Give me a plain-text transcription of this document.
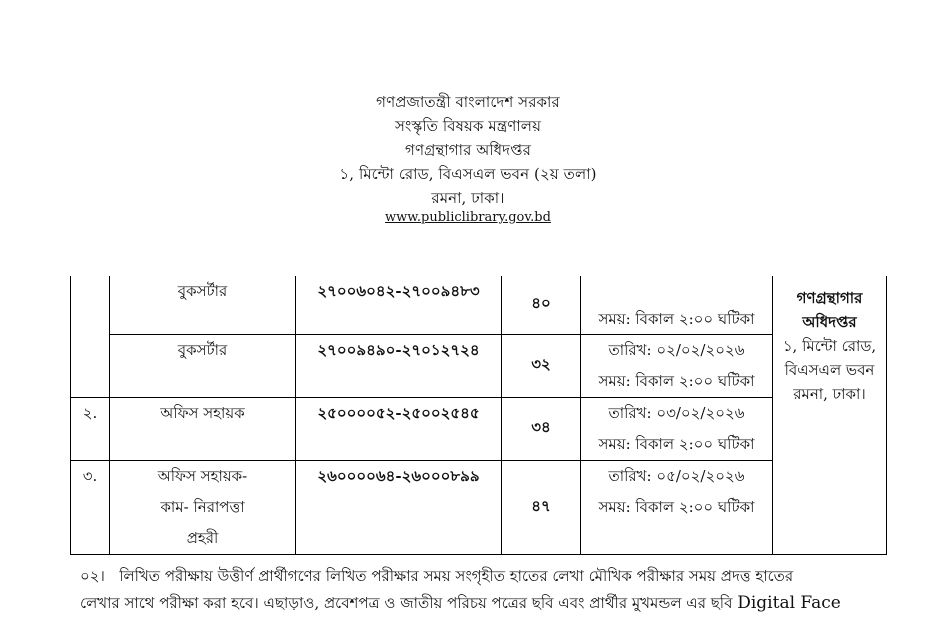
গণপ্রজাতন্ত্রী বাংলাদেশ সরকার
সংস্কৃতি বিষয়ক মন্ত্রণালয়
গণগ্রন্থাগার অধিদপ্তর
১, মিন্টো রোড, বিএসএল ভবন (২য় তলা)
রমনা, ঢাকা।
www.publiclibrary.gov.bd

	বুকসর্টার	২৭০০৬০৪২-২৭০০৯৪৮৩	৪০	সময়: বিকাল ২:০০ ঘটিকা	গণগ্রন্থাগার অধিদপ্তর
১, মিন্টো রোড,
বিএসএল ভবন
রমনা, ঢাকা।

	বুকসর্টার	২৭০০৯৪৯০-২৭০১২৭২৪	৩২	তারিখ: ০২/০২/২০২৬
সময়: বিকাল ২:০০ ঘটিকা	

২.	অফিস সহায়ক	২৫০০০০৫২-২৫০০২৫৪৫	৩৪	তারিখ: ০৩/০২/২০২৬
সময়: বিকাল ২:০০ ঘটিকা	

৩.	অফিস সহায়ক-
কাম- নিরাপত্তা
প্রহরী	২৬০০০০৬৪-২৬০০০৮৯৯	৪৭	তারিখ: ০৫/০২/২০২৬
সময়: বিকাল ২:০০ ঘটিকা	
০২। লিখিত পরীক্ষায় উত্তীর্ণ প্রার্থীগণের লিখিত পরীক্ষার সময় সংগৃহীত হাতের লেখা মৌখিক পরীক্ষার সময় প্রদত্ত হাতের
লেখার সাথে পরীক্ষা করা হবে। এছাড়াও, প্রবেশপত্র ও জাতীয় পরিচয় পত্রের ছবি এবং প্রার্থীর মুখমন্ডল এর ছবি Digital Face
